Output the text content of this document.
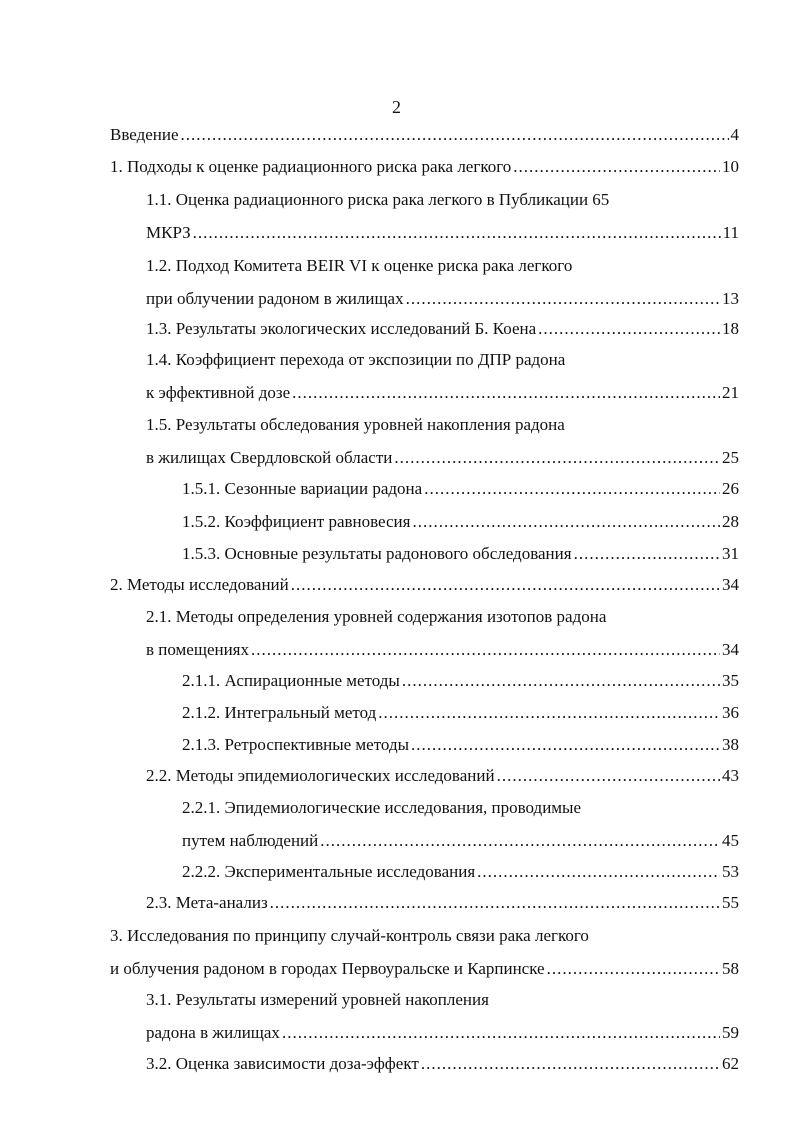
2
Введение .....	4
1. Подходы к оценке радиационного риска рака легкого .....	10
1.1. Оценка радиационного риска рака легкого в Публикации 65
МКРЗ .....	11
1.2. Подход Комитета BEIR VI к оценке риска рака легкого
при облучении радоном в жилищах .....	13
1.3. Результаты экологических исследований Б. Коена .....	18
1.4. Коэффициент перехода от экспозиции по ДПР радона
к эффективной дозе .....	21
1.5. Результаты обследования уровней накопления радона
в жилищах Свердловской области .....	25
1.5.1. Сезонные вариации радона .....	26
1.5.2. Коэффициент равновесия .....	28
1.5.3. Основные результаты радонового обследования .....	31
2. Методы исследований .....	34
2.1. Методы определения уровней содержания изотопов радона
в помещениях .....	34
2.1.1. Аспирационные методы .....	35
2.1.2. Интегральный метод .....	36
2.1.3. Ретроспективные методы .....	38
2.2. Методы эпидемиологических исследований .....	43
2.2.1. Эпидемиологические исследования, проводимые
путем наблюдений .....	45
2.2.2. Экспериментальные исследования .....	53
2.3. Мета-анализ .....	55
3. Исследования по принципу случай-контроль связи рака легкого
и облучения радоном в городах Первоуральске и Карпинске .....	58
3.1. Результаты измерений уровней накопления
радона в жилищах .....	59
3.2. Оценка зависимости доза-эффект .....	62
